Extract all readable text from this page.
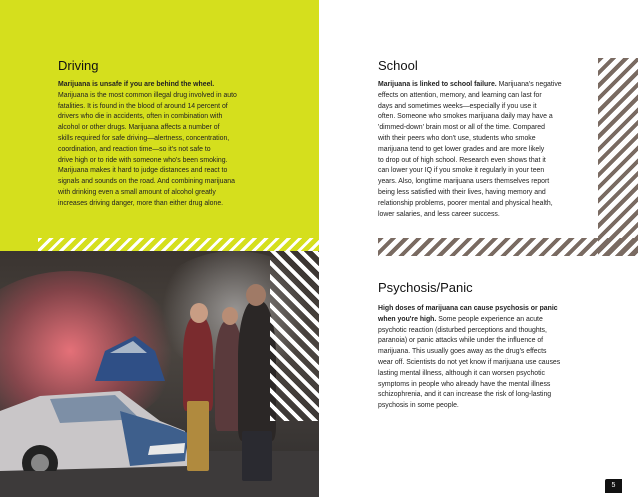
Driving
Marijuana is unsafe if you are behind the wheel.
Marijuana is the most common illegal drug involved in auto
fatalities. It is found in the blood of around 14 percent of
drivers who die in accidents, often in combination with
alcohol or other drugs. Marijuana affects a number of
skills required for safe driving—alertness, concentration,
coordination, and reaction time—so it's not safe to
drive high or to ride with someone who's been smoking.
Marijuana makes it hard to judge distances and react to
signals and sounds on the road. And combining marijuana
with drinking even a small amount of alcohol greatly
increases driving danger, more than either drug alone.
School
Marijuana is linked to school failure. Marijuana's negative
effects on attention, memory, and learning can last for
days and sometimes weeks—especially if you use it
often. Someone who smokes marijuana daily may have a
'dimmed-down' brain most or all of the time. Compared
with their peers who don't use, students who smoke
marijuana tend to get lower grades and are more likely
to drop out of high school. Research even shows that it
can lower your IQ if you smoke it regularly in your teen
years. Also, longtime marijuana users themselves report
being less satisfied with their lives, having memory and
relationship problems, poorer mental and physical health,
lower salaries, and less career success.
Psychosis/Panic
High doses of marijuana can cause psychosis or panic
when you're high. Some people experience an acute
psychotic reaction (disturbed perceptions and thoughts,
paranoia) or panic attacks while under the influence of
marijuana. This usually goes away as the drug's effects
wear off. Scientists do not yet know if marijuana use causes
lasting mental illness, although it can worsen psychotic
symptoms in people who already have the mental illness
schizophrenia, and it can increase the risk of long-lasting
psychosis in some people.
5
